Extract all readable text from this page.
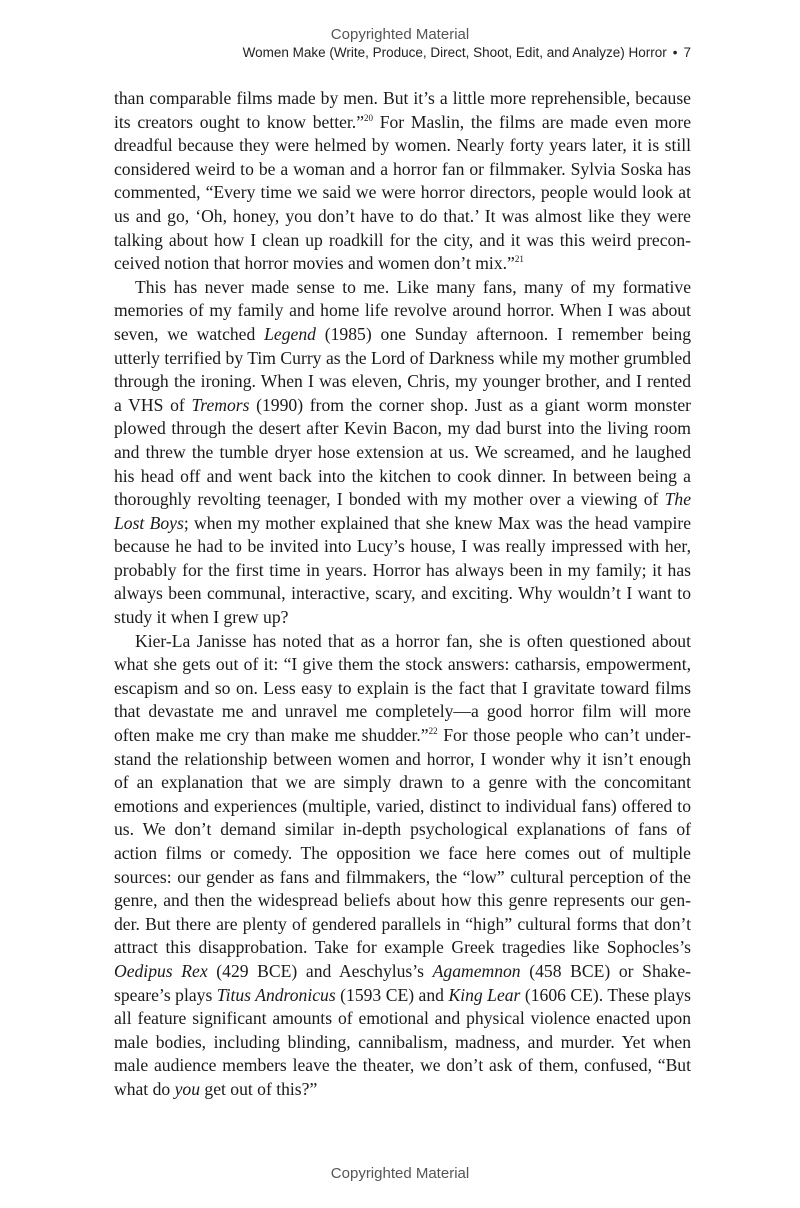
Copyrighted Material
Women Make (Write, Produce, Direct, Shoot, Edit, and Analyze) Horror • 7

than comparable films made by men. But it’s a little more reprehensible, because its creators ought to know better.”$^{20}$ For Maslin, the films are made even more dreadful because they were helmed by women. Nearly forty years later, it is still considered weird to be a woman and a horror fan or filmmaker. Sylvia Soska has commented, “Every time we said we were horror directors, people would look at us and go, ‘Oh, honey, you don’t have to do that.’ It was almost like they were talking about how I clean up roadkill for the city, and it was this weird preconceived notion that horror movies and women don’t mix.”$^{21}$

This has never made sense to me. Like many fans, many of my formative memories of my family and home life revolve around horror. When I was about seven, we watched Legend (1985) one Sunday afternoon. I remember being utterly terrified by Tim Curry as the Lord of Darkness while my mother grumbled through the ironing. When I was eleven, Chris, my younger brother, and I rented a VHS of Tremors (1990) from the corner shop. Just as a giant worm monster plowed through the desert after Kevin Bacon, my dad burst into the living room and threw the tumble dryer hose extension at us. We screamed, and he laughed his head off and went back into the kitchen to cook dinner. In between being a thoroughly revolting teenager, I bonded with my mother over a viewing of The Lost Boys; when my mother explained that she knew Max was the head vampire because he had to be invited into Lucy’s house, I was really impressed with her, probably for the first time in years. Horror has always been in my family; it has always been communal, interactive, scary, and exciting. Why wouldn’t I want to study it when I grew up?

Kier-La Janisse has noted that as a horror fan, she is often questioned about what she gets out of it: “I give them the stock answers: catharsis, empowerment, escapism and so on. Less easy to explain is the fact that I gravitate toward films that devastate me and unravel me completely—a good horror film will more often make me cry than make me shudder.”$^{22}$ For those people who can’t understand the relationship between women and horror, I wonder why it isn’t enough of an explanation that we are simply drawn to a genre with the concomitant emotions and experiences (multiple, varied, distinct to individual fans) offered to us. We don’t demand similar in-depth psychological explanations of fans of action films or comedy. The opposition we face here comes out of multiple sources: our gender as fans and filmmakers, the “low” cultural perception of the genre, and then the widespread beliefs about how this genre represents our gender. But there are plenty of gendered parallels in “high” cultural forms that don’t attract this disapprobation. Take for example Greek tragedies like Sophocles’s Oedipus Rex (429 BCE) and Aeschylus’s Agamemnon (458 BCE) or Shakespeare’s plays Titus Andronicus (1593 CE) and King Lear (1606 CE). These plays all feature significant amounts of emotional and physical violence enacted upon male bodies, including blinding, cannibalism, madness, and murder. Yet when male audience members leave the theater, we don’t ask of them, confused, “But what do you get out of this?”

Copyrighted Material
